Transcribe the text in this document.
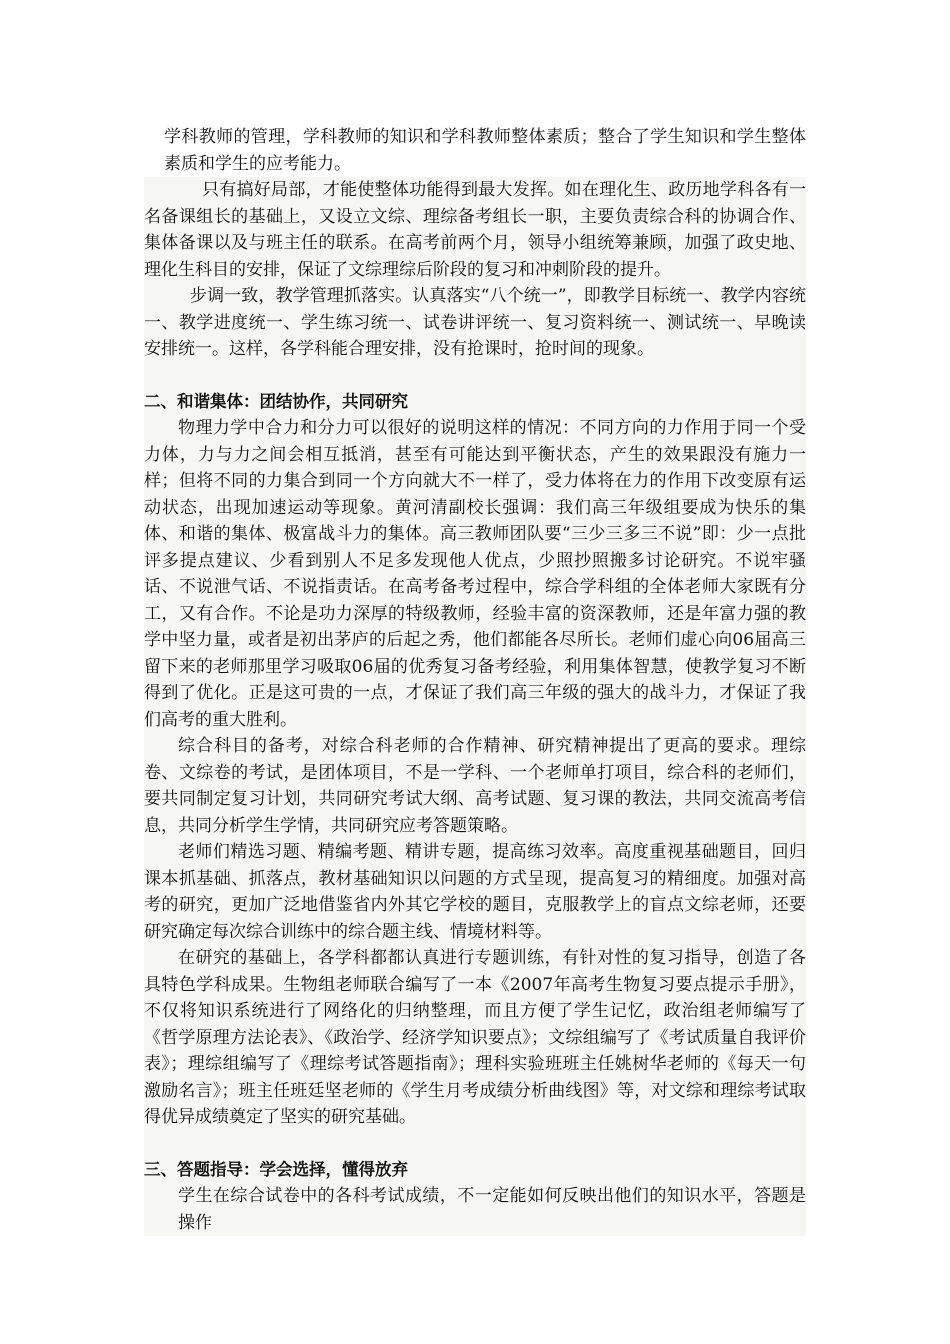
学科教师的管理，学科教师的知识和学科教师整体素质；整合了学生知识和学生整体素质和学生的应考能力。

只有搞好局部，才能使整体功能得到最大发挥。如在理化生、政历地学科各有一名备课组长的基础上，又设立文综、理综备考组长一职，主要负责综合科的协调合作、集体备课以及与班主任的联系。在高考前两个月，领导小组统筹兼顾，加强了政史地、理化生科目的安排，保证了文综理综后阶段的复习和冲刺阶段的提升。

步调一致，教学管理抓落实。认真落实“八个统一”，即教学目标统一、教学内容统一、教学进度统一、学生练习统一、试卷讲评统一、复习资料统一、测试统一、早晚读安排统一。这样，各学科能合理安排，没有抢课时，抢时间的现象。

二、和谐集体：团结协作，共同研究

物理力学中合力和分力可以很好的说明这样的情况：不同方向的力作用于同一个受力体，力与力之间会相互抵消，甚至有可能达到平衡状态，产生的效果跟没有施力一样；但将不同的力集合到同一个方向就大不一样了，受力体将在力的作用下改变原有运动状态，出现加速运动等现象。黄河清副校长强调：我们高三年级组要成为快乐的集体、和谐的集体、极富战斗力的集体。高三教师团队要“三少三多三不说”即：少一点批评多提点建议、少看到别人不足多发现他人优点，少照抄照搬多讨论研究。不说牢骚话、不说泄气话、不说指责话。在高考备考过程中，综合学科组的全体老师大家既有分工，又有合作。不论是功力深厚的特级教师，经验丰富的资深教师，还是年富力强的教学中坚力量，或者是初出茅庐的后起之秀，他们都能各尽所长。老师们虚心向06届高三留下来的老师那里学习吸取06届的优秀复习备考经验，利用集体智慧，使教学复习不断得到了优化。正是这可贵的一点，才保证了我们高三年级的强大的战斗力，才保证了我们高考的重大胜利。

综合科目的备考，对综合科老师的合作精神、研究精神提出了更高的要求。理综卷、文综卷的考试，是团体项目，不是一学科、一个老师单打项目，综合科的老师们，要共同制定复习计划，共同研究考试大纲、高考试题、复习课的教法，共同交流高考信息，共同分析学生学情，共同研究应考答题策略。

老师们精选习题、精编考题、精讲专题，提高练习效率。高度重视基础题目，回归课本抓基础、抓落点，教材基础知识以问题的方式呈现，提高复习的精细度。加强对高考的研究，更加广泛地借鉴省内外其它学校的题目，克服教学上的盲点文综老师，还要研究确定每次综合训练中的综合题主线、情境材料等。

在研究的基础上，各学科都都认真进行专题训练，有针对性的复习指导，创造了各具特色学科成果。生物组老师联合编写了一本《2007年高考生物复习要点提示手册》，不仅将知识系统进行了网络化的归纳整理，而且方便了学生记忆，政治组老师编写了《哲学原理方法论表》、《政治学、经济学知识要点》；文综组编写了《考试质量自我评价表》；理综组编写了《理综考试答题指南》；理科实验班班主任姚树华老师的《每天一句激励名言》；班主任班廷坚老师的《学生月考成绩分析曲线图》等，对文综和理综考试取得优异成绩奠定了坚实的研究基础。

三、答题指导：学会选择，懂得放弃

学生在综合试卷中的各科考试成绩，不一定能如何反映出他们的知识水平，答题是操作
